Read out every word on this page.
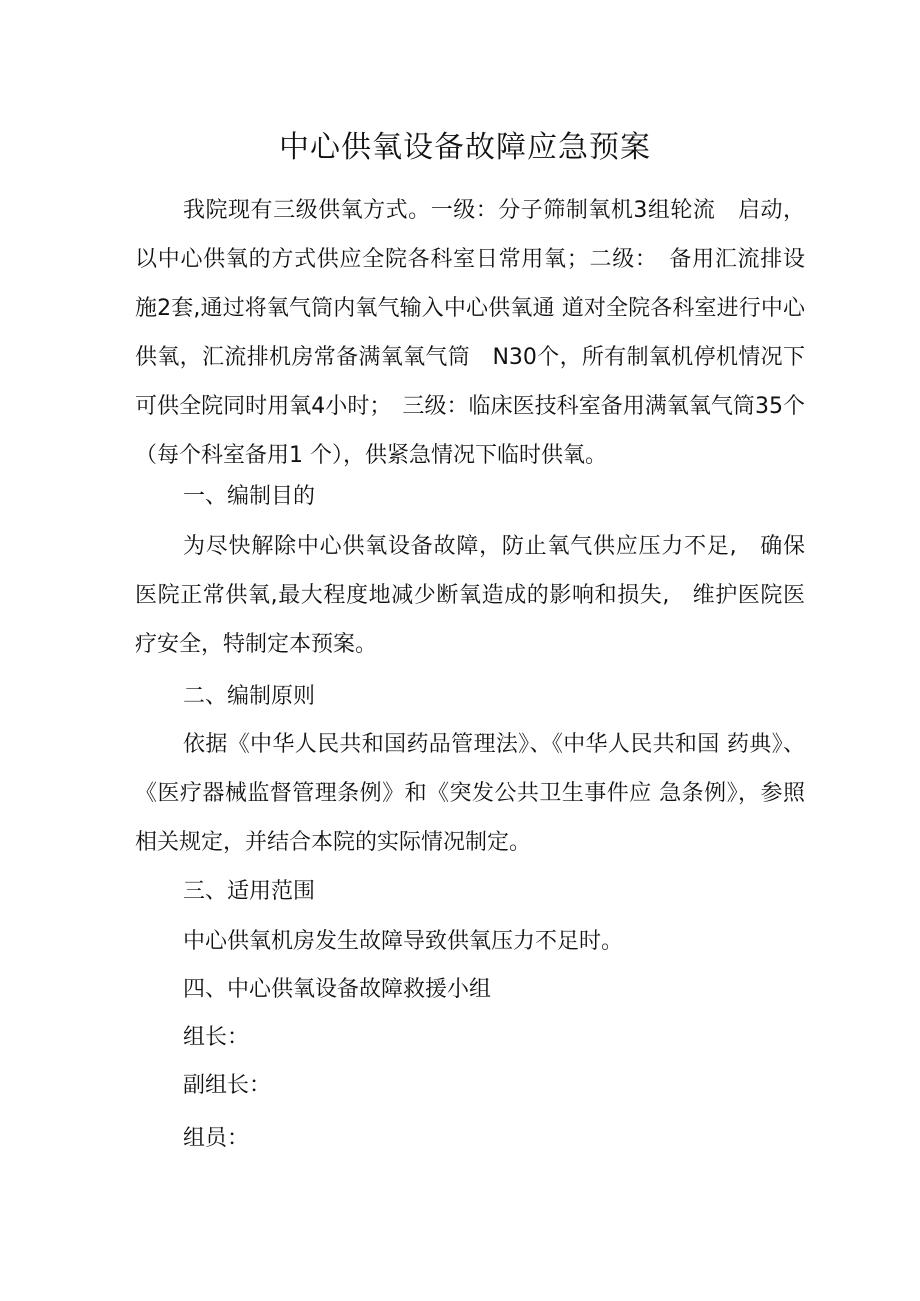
中心供氧设备故障应急预案

我院现有三级供氧方式。一级：分子筛制氧机3组轮流　启动，以中心供氧的方式供应全院各科室日常用氧；二级：　备用汇流排设施2套,通过将氧气筒内氧气输入中心供氧通 道对全院各科室进行中心供氧，汇流排机房常备满氧氧气筒　N30个，所有制氧机停机情况下可供全院同时用氧4小时；　三级：临床医技科室备用满氧氧气筒35个（每个科室备用1 个），供紧急情况下临时供氧。

一、编制目的

为尽快解除中心供氧设备故障，防止氧气供应压力不足,　确保医院正常供氧,最大程度地减少断氧造成的影响和损失,　维护医院医疗安全，特制定本预案。

二、编制原则

依据《中华人民共和国药品管理法》、《中华人民共和国 药典》、《医疗器械监督管理条例》和《突发公共卫生事件应 急条例》，参照相关规定，并结合本院的实际情况制定。

三、适用范围

中心供氧机房发生故障导致供氧压力不足时。

四、中心供氧设备故障救援小组

组长：

副组长：

组员：
